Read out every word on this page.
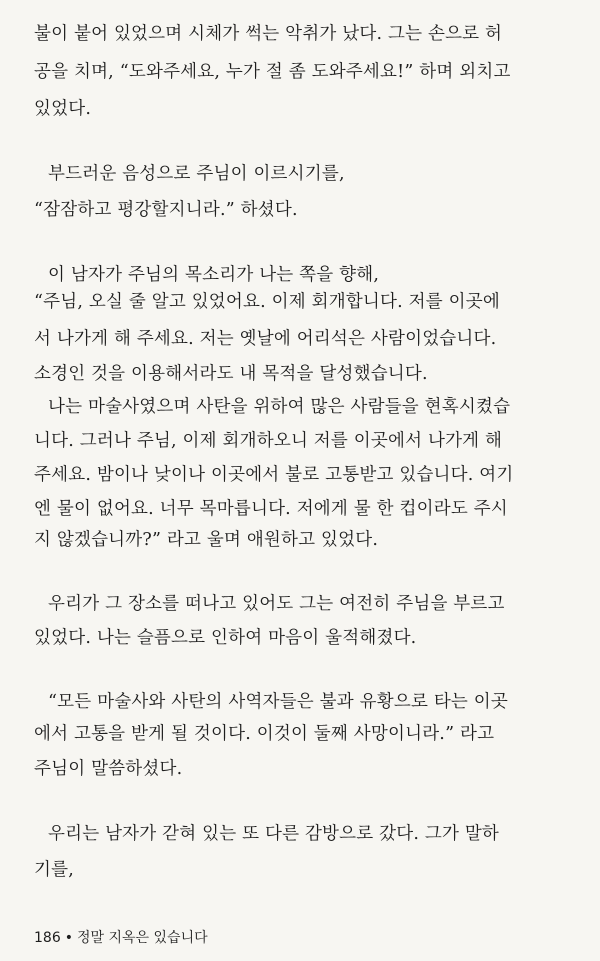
불이 붙어 있었으며 시체가 썩는 악취가 났다. 그는 손으로 허
공을 치며, “도와주세요, 누가 절 좀 도와주세요!” 하며 외치고
있었다.
부드러운 음성으로 주님이 이르시기를,
“잠잠하고 평강할지니라.” 하셨다.
이 남자가 주님의 목소리가 나는 쪽을 향해,
“주님, 오실 줄 알고 있었어요. 이제 회개합니다. 저를 이곳에
서 나가게 해 주세요. 저는 옛날에 어리석은 사람이었습니다.
소경인 것을 이용해서라도 내 목적을 달성했습니다.
나는 마술사였으며 사탄을 위하여 많은 사람들을 현혹시켰습
니다. 그러나 주님, 이제 회개하오니 저를 이곳에서 나가게 해
주세요. 밤이나 낮이나 이곳에서 불로 고통받고 있습니다. 여기
엔 물이 없어요. 너무 목마릅니다. 저에게 물 한 컵이라도 주시
지 않겠습니까?” 라고 울며 애원하고 있었다.
우리가 그 장소를 떠나고 있어도 그는 여전히 주님을 부르고
있었다. 나는 슬픔으로 인하여 마음이 울적해졌다.
“모든 마술사와 사탄의 사역자들은 불과 유황으로 타는 이곳
에서 고통을 받게 될 것이다. 이것이 둘째 사망이니라.” 라고
주님이 말씀하셨다.
우리는 남자가 갇혀 있는 또 다른 감방으로 갔다. 그가 말하
기를,
186 • 정말 지옥은 있습니다
